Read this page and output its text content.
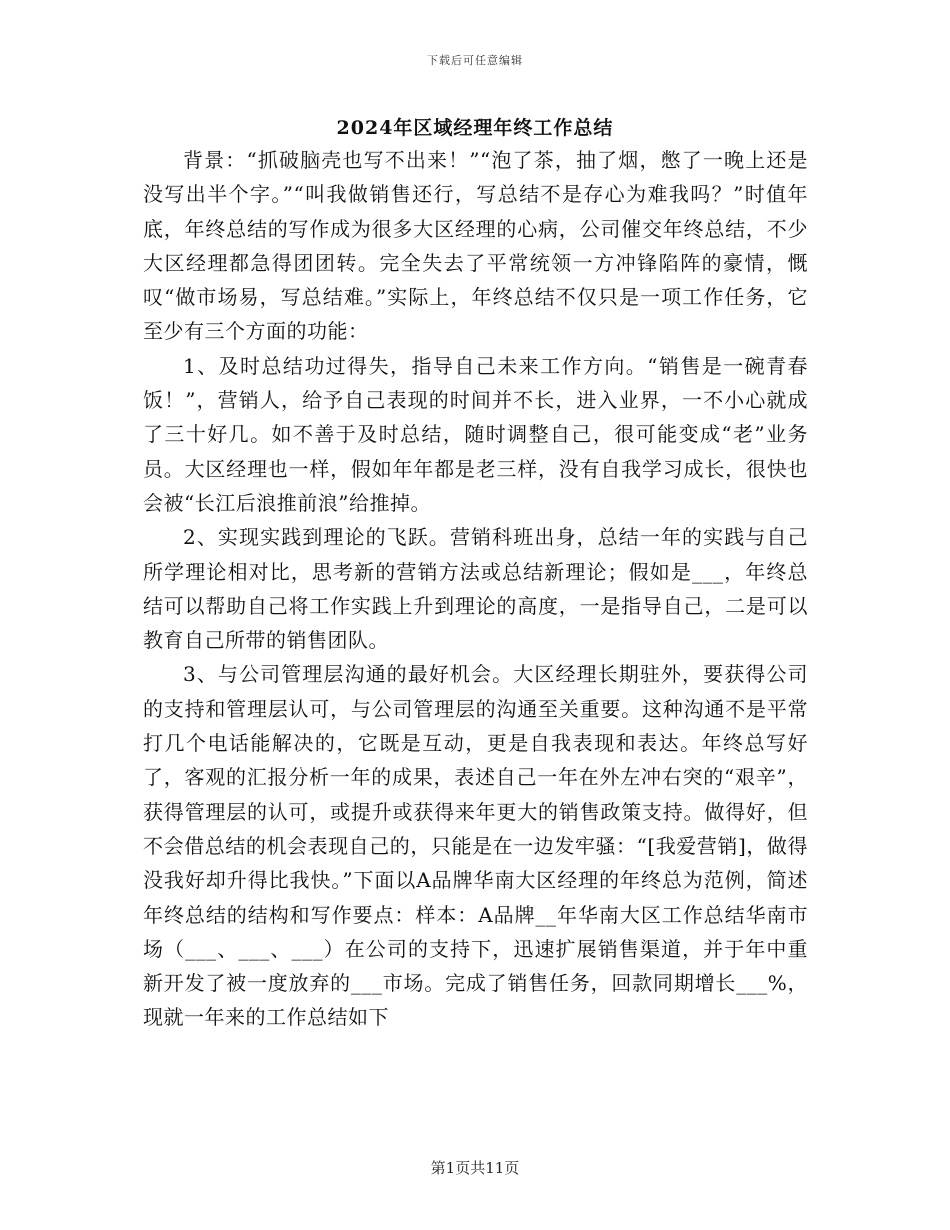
下载后可任意编辑
2024年区域经理年终工作总结

背景：“抓破脑壳也写不出来！”“泡了茶，抽了烟，憋了一晚上还是没写出半个字。”“叫我做销售还行，写总结不是存心为难我吗？”时值年底，年终总结的写作成为很多大区经理的心病，公司催交年终总结，不少大区经理都急得团团转。完全失去了平常统领一方冲锋陷阵的豪情，慨叹“做市场易，写总结难。”实际上，年终总结不仅只是一项工作任务，它至少有三个方面的功能：

1、及时总结功过得失，指导自己未来工作方向。“销售是一碗青春饭！”，营销人，给予自己表现的时间并不长，进入业界，一不小心就成了三十好几。如不善于及时总结，随时调整自己，很可能变成“老”业务员。大区经理也一样，假如年年都是老三样，没有自我学习成长，很快也会被“长江后浪推前浪”给推掉。

2、实现实践到理论的飞跃。营销科班出身，总结一年的实践与自己所学理论相对比，思考新的营销方法或总结新理论；假如是___，年终总结可以帮助自己将工作实践上升到理论的高度，一是指导自己，二是可以教育自己所带的销售团队。

3、与公司管理层沟通的最好机会。大区经理长期驻外，要获得公司的支持和管理层认可，与公司管理层的沟通至关重要。这种沟通不是平常打几个电话能解决的，它既是互动，更是自我表现和表达。年终总写好了，客观的汇报分析一年的成果，表述自己一年在外左冲右突的“艰辛”，获得管理层的认可，或提升或获得来年更大的销售政策支持。做得好，但不会借总结的机会表现自己的，只能是在一边发牢骚：“[我爱营销]，做得没我好却升得比我快。”下面以A品牌华南大区经理的年终总为范例，简述年终总结的结构和写作要点：样本：A品牌__年华南大区工作总结华南市场（___、___、___）在公司的支持下，迅速扩展销售渠道，并于年中重新开发了被一度放弃的___市场。完成了销售任务，回款同期增长___%，现就一年来的工作总结如下

第1页共11页
